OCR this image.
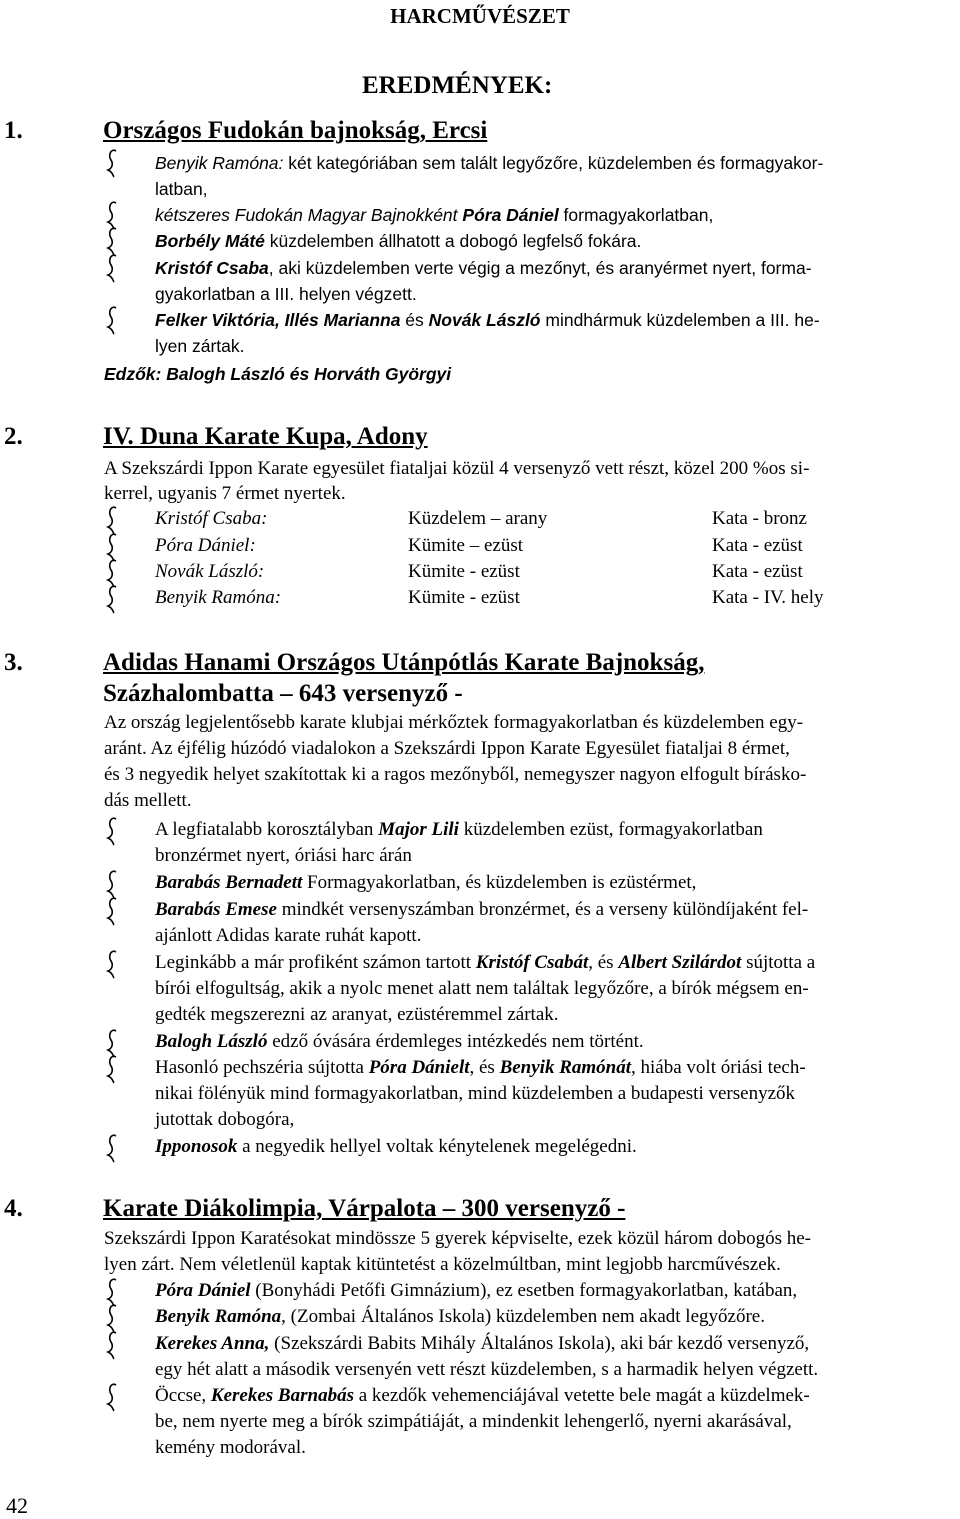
HARCMŰVÉSZET
EREDMÉNYEK:
1.	Országos Fudokán bajnokság, Ercsi
Benyik Ramóna: két kategóriában sem talált legyőzőre, küzdelemben és formagyakor-
latban,
kétszeres Fudokán Magyar Bajnokként Póra Dániel formagyakorlatban,
Borbély Máté küzdelemben állhatott a dobogó legfelső fokára.
Kristóf Csaba, aki küzdelemben verte végig a mezőnyt, és aranyérmet nyert, forma-
gyakorlatban a III. helyen végzett.
Felker Viktória, Illés Marianna és Novák László mindhármuk küzdelemben a III. he-
lyen zártak.
Edzők: Balogh László és Horváth Györgyi
2.	IV. Duna Karate Kupa, Adony
A Szekszárdi Ippon Karate egyesület fiataljai közül 4 versenyző vett részt, közel 200 %os si-
kerrel, ugyanis 7 érmet nyertek.
Kristóf Csaba:	Küzdelem – arany	Kata - bronz
Póra Dániel:	Kümite – ezüst	Kata - ezüst
Novák László:	Kümite - ezüst	Kata - ezüst
Benyik Ramóna:	Kümite - ezüst	Kata - IV. hely
3.	Adidas Hanami Országos Utánpótlás Karate Bajnokság,
Százhalombatta – 643 versenyző -
Az ország legjelentősebb karate klubjai mérkőztek formagyakorlatban és küzdelemben egy-
aránt. Az éjfélig húzódó viadalokon a Szekszárdi Ippon Karate Egyesület fiataljai 8 érmet,
és 3 negyedik helyet szakítottak ki a ragos mezőnyből, nemegyszer nagyon elfogult bírásko-
dás mellett.
A legfiatalabb korosztályban Major Lili küzdelemben ezüst, formagyakorlatban
bronzérmet nyert, óriási harc árán
Barabás Bernadett Formagyakorlatban, és küzdelemben is ezüstérmet,
Barabás Emese mindkét versenyszámban bronzérmet, és a verseny különdíjaként fel-
ajánlott Adidas karate ruhát kapott.
Leginkább a már profiként számon tartott Kristóf Csabát, és Albert Szilárdot sújtotta a
bírói elfogultság, akik a nyolc menet alatt nem találtak legyőzőre, a bírók mégsem en-
gedték megszerezni az aranyat, ezüstéremmel zártak.
Balogh László edző óvására érdemleges intézkedés nem történt.
Hasonló pechszéria sújtotta Póra Dánielt, és Benyik Ramónát, hiába volt óriási tech-
nikai fölényük mind formagyakorlatban, mind küzdelemben a budapesti versenyzők
jutottak dobogóra,
Ipponosok a negyedik hellyel voltak kénytelenek megelégedni.
4.	Karate Diákolimpia, Várpalota – 300 versenyző -
Szekszárdi Ippon Karatésokat mindössze 5 gyerek képviselte, ezek közül három dobogós he-
lyen zárt. Nem véletlenül kaptak kitüntetést a közelmúltban, mint legjobb harcművészek.
Póra Dániel (Bonyhádi Petőfi Gimnázium), ez esetben formagyakorlatban, katában,
Benyik Ramóna, (Zombai Általános Iskola) küzdelemben nem akadt legyőzőre.
Kerekes Anna, (Szekszárdi Babits Mihály Általános Iskola), aki bár kezdő versenyző,
egy hét alatt a második versenyén vett részt küzdelemben, s a harmadik helyen végzett.
Öccse, Kerekes Barnabás a kezdők vehemenciájával vetette bele magát a küzdelmek-
be, nem nyerte meg a bírók szimpátiáját, a mindenkit lehengerlő, nyerni akarásával,
kemény modorával.
42
